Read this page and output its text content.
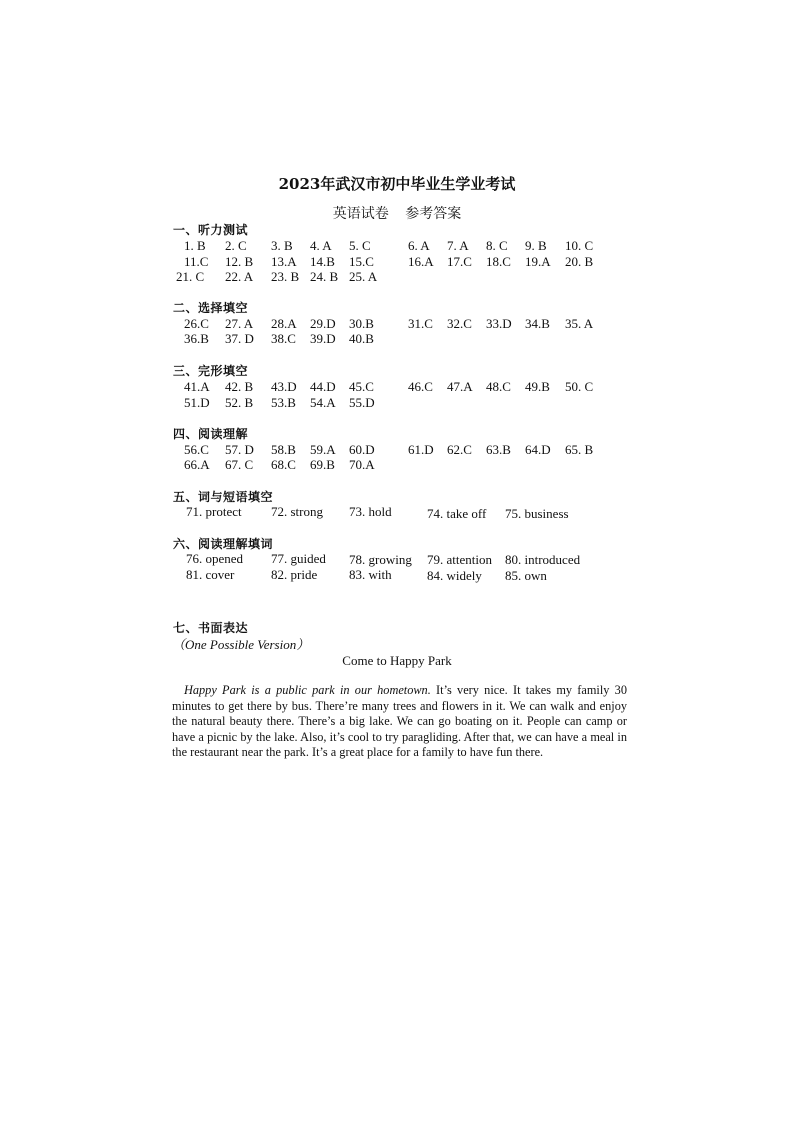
2023年武汉市初中毕业生学业考试
英语试卷 参考答案
一、听力测试
1. B 2. C 3. B 4. A 5. C	6. A 7. A 8. C 9. B 10. C
11.C 12. B 13.A 14.B 15.C	16.A 17.C 18.C 19.A 20. B
21. C 22. A 23. B 24. B 25. A
二、选择填空
26.C 27. A 28.A 29.D 30.B	31.C 32.C 33.D 34.B 35. A
36.B 37. D 38.C 39.D 40.B
三、完形填空
41.A 42. B 43.D 44.D 45.C	46.C 47.A 48.C 49.B 50. C
51.D 52. B 53.B 54.A 55.D
四、阅读理解
56.C 57. D 58.B 59.A 60.D	61.D 62.C 63.B 64.D 65. B
66.A 67. C 68.C 69.B 70.A
五、词与短语填空
71. protect 72. strong 73. hold	74. take off 75. business
六、阅读理解填词
76. opened 77. guided 78. growing 79. attention 80. introduced
81. cover	82. pride 83. with	84. widely 85. own
七、书面表达
（One Possible Version）
Come to Happy Park
Happy Park is a public park in our hometown. It’s very nice. It takes my family 30 minutes to get there by bus. There’re many trees and flowers in it. We can walk and enjoy the natural beauty there. There’s a big lake. We can go boating on it. People can camp or have a picnic by the lake. Also, it’s cool to try paragliding. After that, we can have a meal in the restaurant near the park. It’s a great place for a family to have fun there.
